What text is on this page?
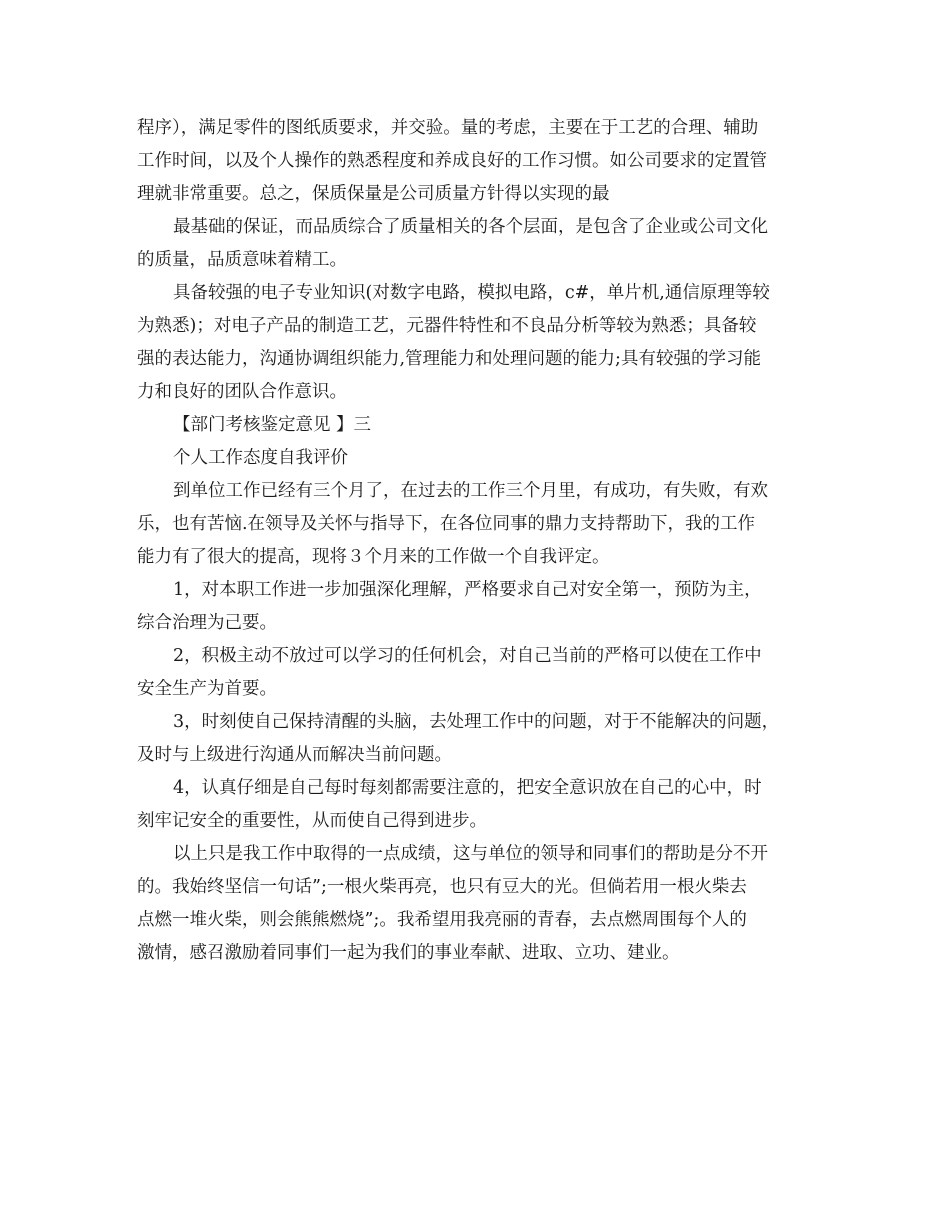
程序），满足零件的图纸质要求，并交验。量的考虑，主要在于工艺的合理、辅助
工作时间，以及个人操作的熟悉程度和养成良好的工作习惯。如公司要求的定置管
理就非常重要。总之，保质保量是公司质量方针得以实现的最
最基础的保证，而品质综合了质量相关的各个层面，是包含了企业或公司文化
的质量，品质意味着精工。
具备较强的电子专业知识(对数字电路，模拟电路，c#，单片机,通信原理等较
为熟悉)；对电子产品的制造工艺，元器件特性和不良品分析等较为熟悉；具备较
强的表达能力，沟通协调组织能力,管理能力和处理问题的能力;具有较强的学习能
力和良好的团队合作意识。
【部门考核鉴定意见 】三
个人工作态度自我评价
到单位工作已经有三个月了，在过去的工作三个月里，有成功，有失败，有欢
乐，也有苦恼.在领导及关怀与指导下，在各位同事的鼎力支持帮助下，我的工作
能力有了很大的提高，现将３个月来的工作做一个自我评定。
1，对本职工作进一步加强深化理解，严格要求自己对安全第一，预防为主，
综合治理为己要。
2，积极主动不放过可以学习的任何机会，对自己当前的严格可以使在工作中
安全生产为首要。
3，时刻使自己保持清醒的头脑，去处理工作中的问题，对于不能解决的问题，
及时与上级进行沟通从而解决当前问题。
4，认真仔细是自己每时每刻都需要注意的，把安全意识放在自己的心中，时
刻牢记安全的重要性，从而使自己得到进步。
以上只是我工作中取得的一点成绩，这与单位的领导和同事们的帮助是分不开
的。我始终坚信一句话”;一根火柴再亮，也只有豆大的光。但倘若用一根火柴去
点燃一堆火柴，则会熊熊燃烧”;。我希望用我亮丽的青春，去点燃周围每个人的
激情，感召激励着同事们一起为我们的事业奉献、进取、立功、建业。
